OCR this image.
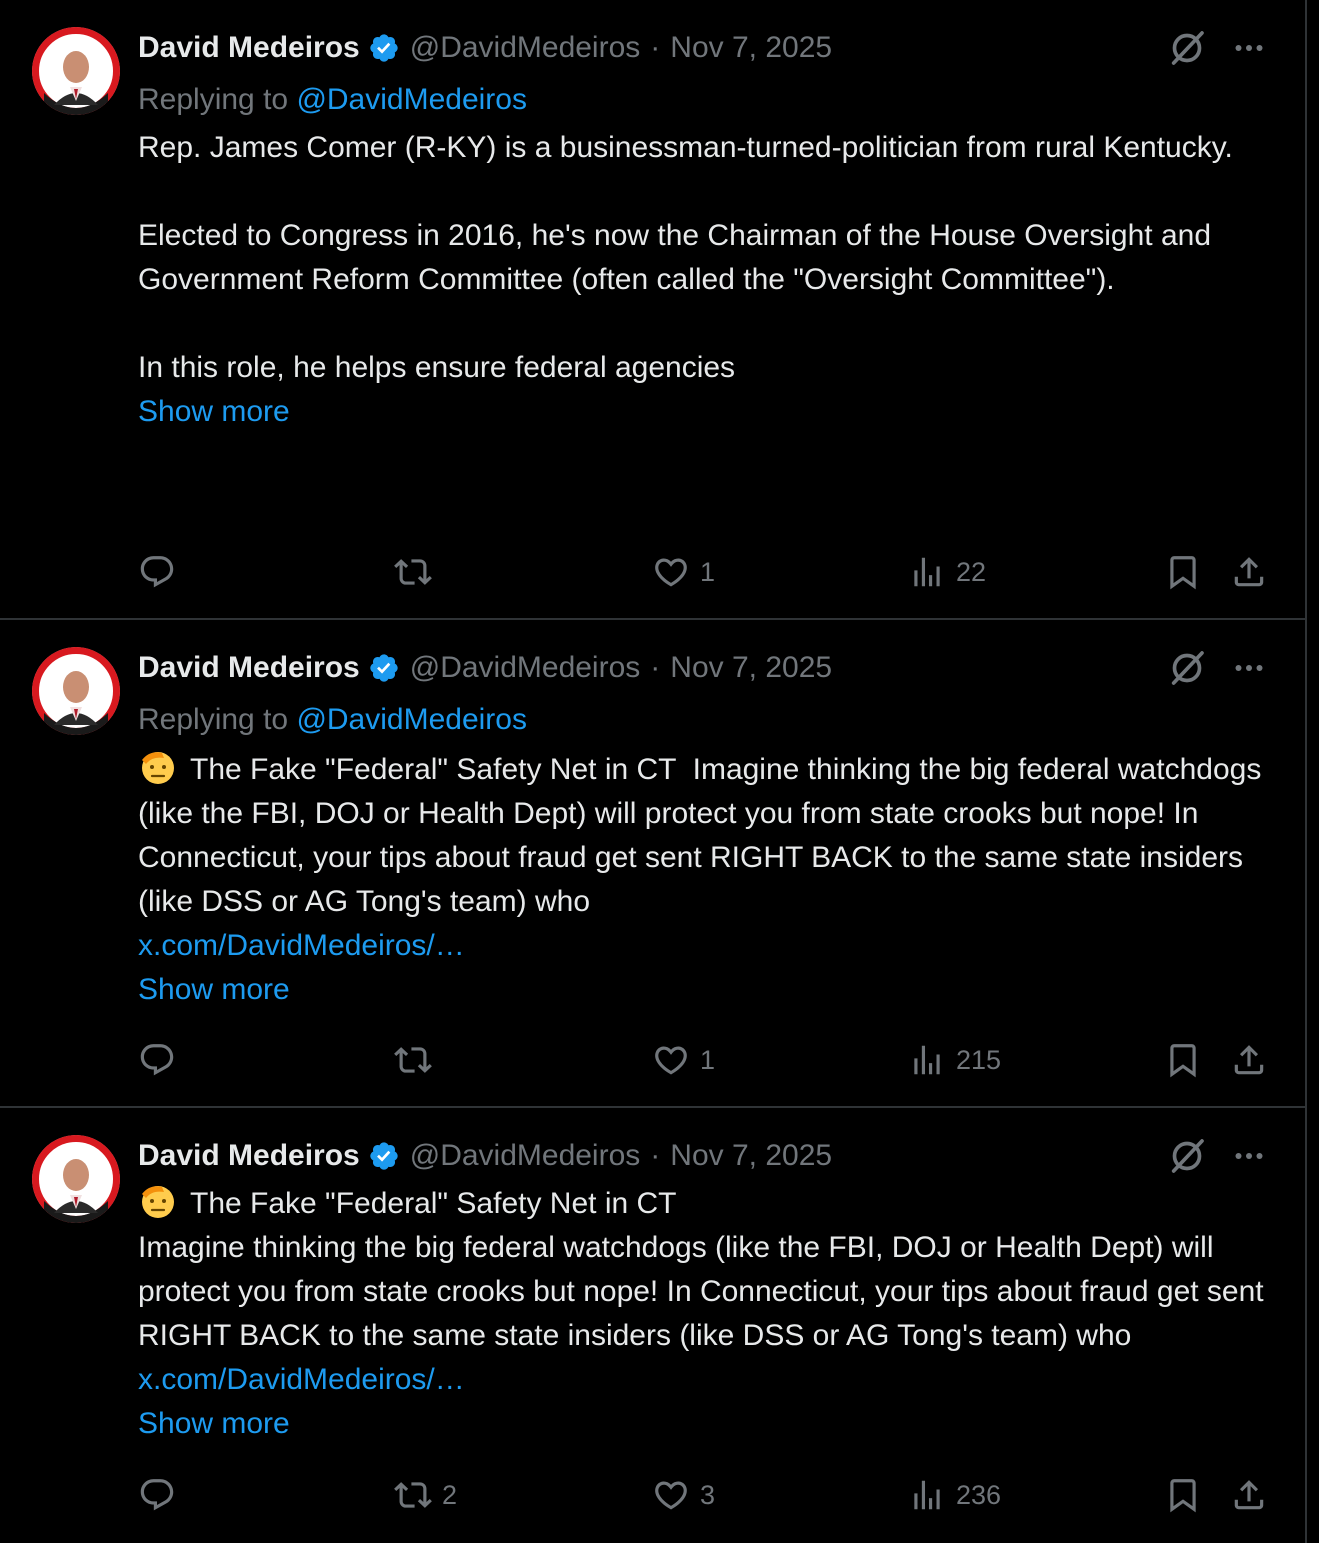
David Medeiros @DavidMedeiros · Nov 7, 2025
Replying to @DavidMedeiros
Rep. James Comer (R-KY) is a businessman-turned-politician from rural Kentucky.

Elected to Congress in 2016, he's now the Chairman of the House Oversight and Government Reform Committee (often called the "Oversight Committee").

In this role, he helps ensure federal agencies
Show more
1	22
David Medeiros @DavidMedeiros · Nov 7, 2025
Replying to @DavidMedeiros
The Fake "Federal" Safety Net in CT  Imagine thinking the big federal watchdogs (like the FBI, DOJ or Health Dept) will protect you from state crooks but nope! In Connecticut, your tips about fraud get sent RIGHT BACK to the same state insiders (like DSS or AG Tong's team) who
x.com/DavidMedeiros/…
Show more
1	215
David Medeiros @DavidMedeiros · Nov 7, 2025
The Fake "Federal" Safety Net in CT
Imagine thinking the big federal watchdogs (like the FBI, DOJ or Health Dept) will protect you from state crooks but nope! In Connecticut, your tips about fraud get sent RIGHT BACK to the same state insiders (like DSS or AG Tong's team) who x.com/DavidMedeiros/…
Show more
2	3	236
